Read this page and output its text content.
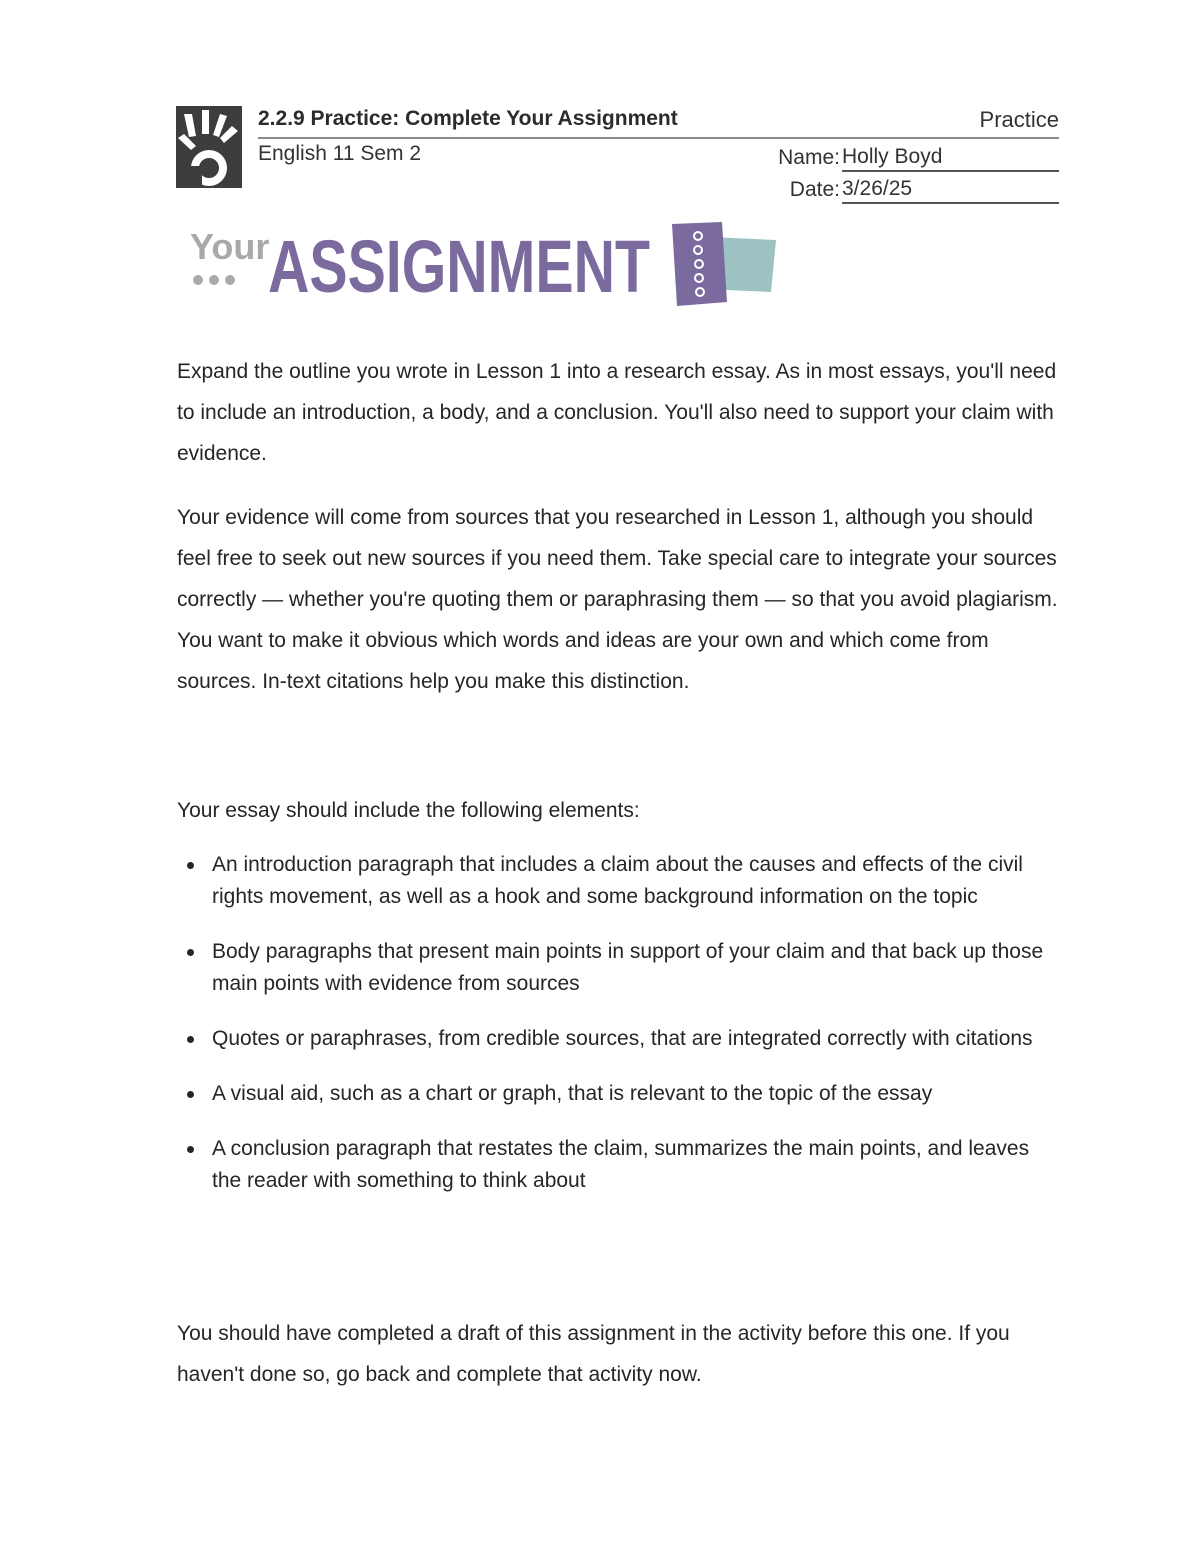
2.2.9 Practice: Complete Your Assignment	Practice
English 11 Sem 2	Name: Holly Boyd
Date: 3/26/25
Your
ASSIGNMENT

Expand the outline you wrote in Lesson 1 into a research essay. As in most essays, you'll need to include an introduction, a body, and a conclusion. You'll also need to support your claim with evidence.

Your evidence will come from sources that you researched in Lesson 1, although you should feel free to seek out new sources if you need them. Take special care to integrate your sources correctly — whether you're quoting them or paraphrasing them — so that you avoid plagiarism. You want to make it obvious which words and ideas are your own and which come from sources. In-text citations help you make this distinction.

Your essay should include the following elements:

An introduction paragraph that includes a claim about the causes and effects of the civil rights movement, as well as a hook and some background information on the topic
Body paragraphs that present main points in support of your claim and that back up those main points with evidence from sources
Quotes or paraphrases, from credible sources, that are integrated correctly with citations
A visual aid, such as a chart or graph, that is relevant to the topic of the essay
A conclusion paragraph that restates the claim, summarizes the main points, and leaves the reader with something to think about

You should have completed a draft of this assignment in the activity before this one. If you haven't done so, go back and complete that activity now.
